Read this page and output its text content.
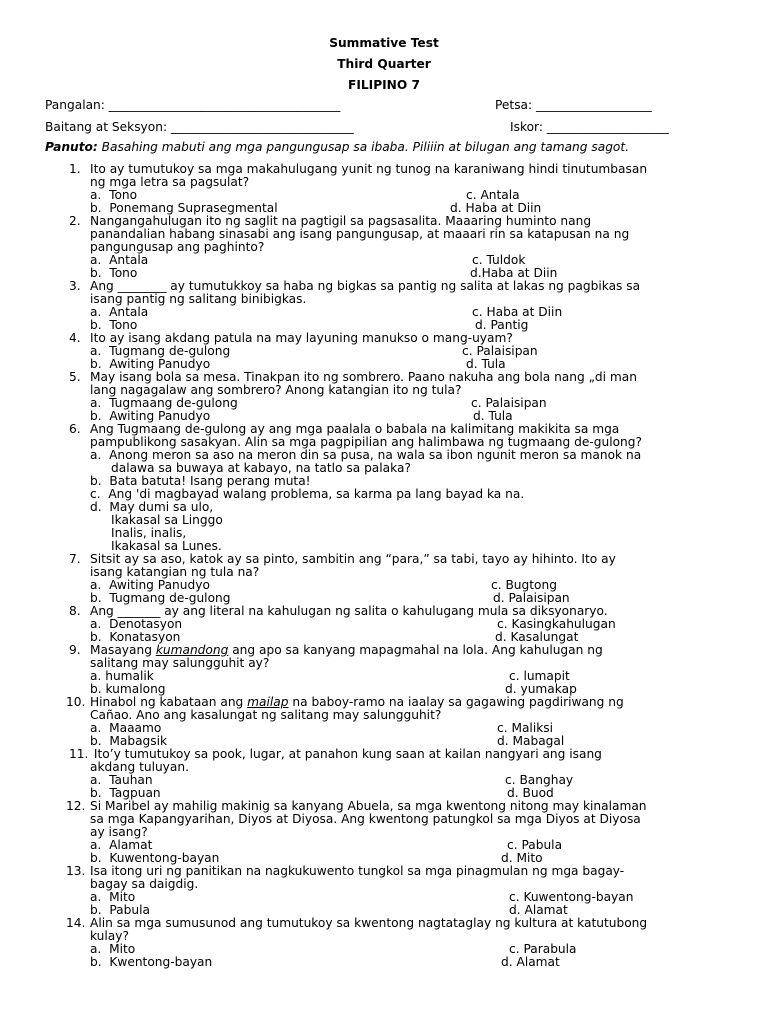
Summative Test
Third Quarter
FILIPINO 7
Pangalan: ______________________________________	Petsa: ___________________
Baitang at Seksyon: ______________________________	Iskor: ____________________
Panuto: Basahing mabuti ang mga pangungusap sa ibaba. Piliiin at bilugan ang tamang sagot.
1. Ito ay tumutukoy sa mga makahulugang yunit ng tunog na karaniwang hindi tinutumbasan
ng mga letra sa pagsulat?
a.  Tono	c. Antala
b.  Ponemang Suprasegmental	d. Haba at Diin
2. Nangangahulugan ito ng saglit na pagtigil sa pagsasalita. Maaaring huminto nang
panandalian habang sinasabi ang isang pangungusap, at maaari rin sa katapusan na ng
pangungusap ang paghinto?
a.  Antala	c. Tuldok
b.  Tono	d.Haba at Diin
3. Ang ________ ay tumutukkoy sa haba ng bigkas sa pantig ng salita at lakas ng pagbikas sa
isang pantig ng salitang binibigkas.
a.  Antala	c. Haba at Diin
b.  Tono	d. Pantig
4. Ito ay isang akdang patula na may layuning manukso o mang-uyam?
a.  Tugmang de-gulong	c. Palaisipan
b.  Awiting Panudyo	d. Tula
5. May isang bola sa mesa. Tinakpan ito ng sombrero. Paano nakuha ang bola nang „di man
lang nagagalaw ang sombrero? Anong katangian ito ng tula?
a.  Tugmaang de-gulong	c. Palaisipan
b.  Awiting Panudyo	d. Tula
6. Ang Tugmaang de-gulong ay ang mga paalala o babala na kalimitang makikita sa mga
pampublikong sasakyan. Alin sa mga pagpipilian ang halimbawa ng tugmaang de-gulong?
a.  Anong meron sa aso na meron din sa pusa, na wala sa ibon ngunit meron sa manok na
dalawa sa buwaya at kabayo, na tatlo sa palaka?
b.  Bata batuta! Isang perang muta!
c.  Ang 'di magbayad walang problema, sa karma pa lang bayad ka na.
d.  May dumi sa ulo,
Ikakasal sa Linggo
Inalis, inalis,
Ikakasal sa Lunes.
7. Sitsit ay sa aso, katok ay sa pinto, sambitin ang “para,” sa tabi, tayo ay hihinto. Ito ay
isang katangian ng tula na?
a.  Awiting Panudyo	c. Bugtong
b.  Tugmang de-gulong	d. Palaisipan
8. Ang _______ ay ang literal na kahulugan ng salita o kahulugang mula sa diksyonaryo.
a.  Denotasyon	c. Kasingkahulugan
b.  Konatasyon	d. Kasalungat
9. Masayang kumandong ang apo sa kanyang mapagmahal na lola. Ang kahulugan ng
salitang may salungguhit ay?
a. humalik	c. lumapit
b. kumalong	d. yumakap
10. Hinabol ng kabataan ang mailap na baboy-ramo na iaalay sa gagawing pagdiriwang ng
Cañao. Ano ang kasalungat ng salitang may salungguhit?
a.  Maaamo	c. Maliksi
b.  Mabagsik	d. Mabagal
11. Ito’y tumutukoy sa pook, lugar, at panahon kung saan at kailan nangyari ang isang
akdang tuluyan.
a.  Tauhan	c. Banghay
b.  Tagpuan	d. Buod
12. Si Maribel ay mahilig makinig sa kanyang Abuela, sa mga kwentong nitong may kinalaman
sa mga Kapangyarihan, Diyos at Diyosa. Ang kwentong patungkol sa mga Diyos at Diyosa
ay isang?
a.  Alamat	c. Pabula
b.  Kuwentong-bayan	d. Mito
13. Isa itong uri ng panitikan na nagkukuwento tungkol sa mga pinagmulan ng mga bagay-
bagay sa daigdig.
a.  Mito	c. Kuwentong-bayan
b.  Pabula	d. Alamat
14. Alin sa mga sumusunod ang tumutukoy sa kwentong nagtataglay ng kultura at katutubong
kulay?
a.  Mito	c. Parabula
b.  Kwentong-bayan	d. Alamat
